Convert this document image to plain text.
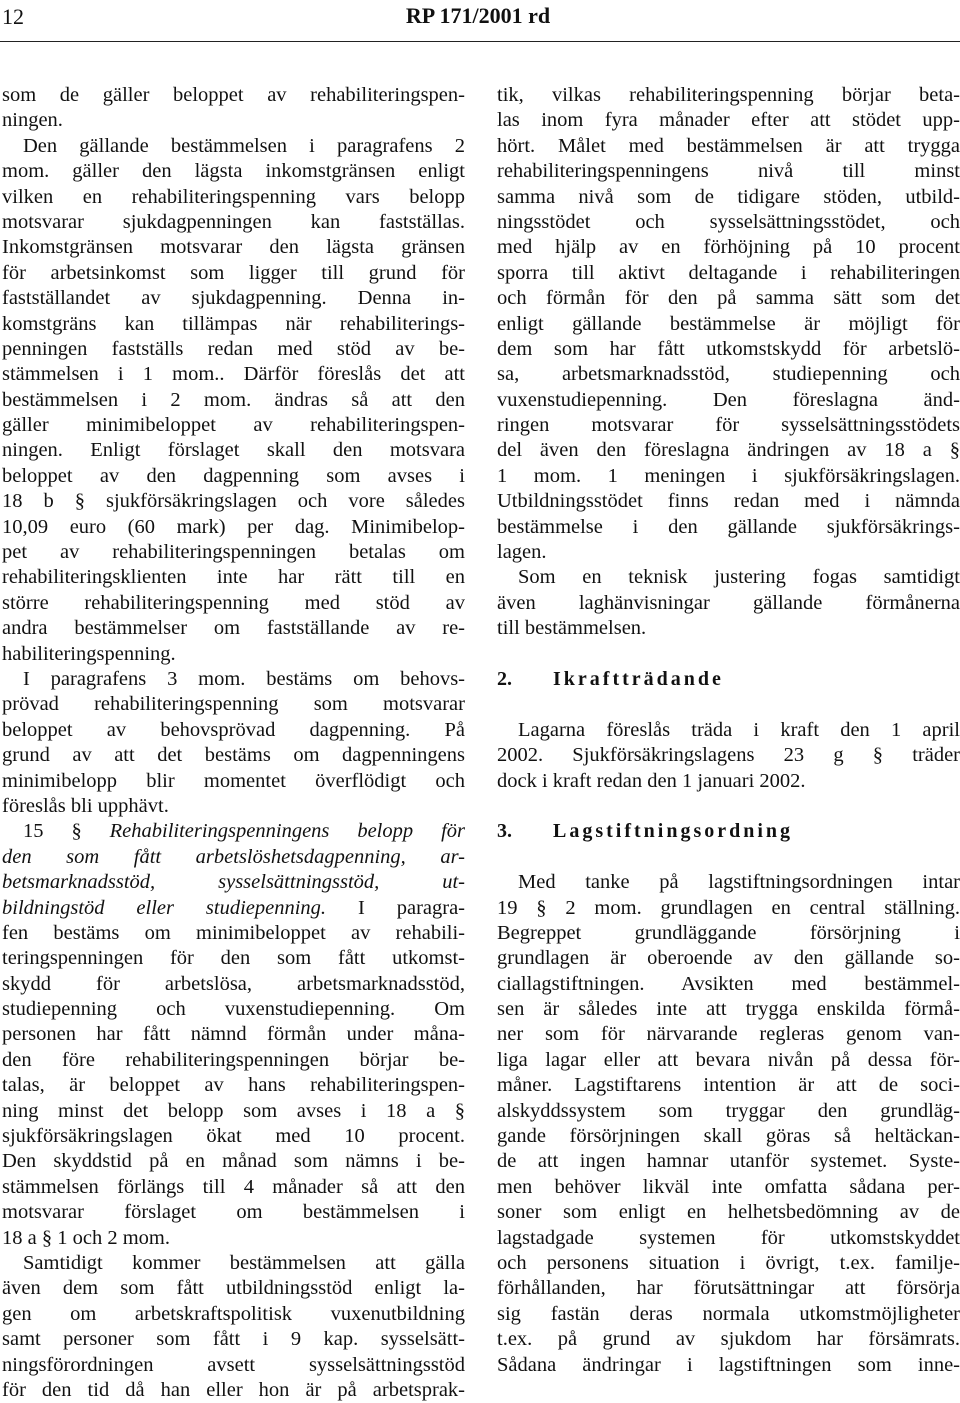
12	RP 171/2001 rd
som de gäller beloppet av rehabiliteringspen-
ningen.
Den gällande bestämmelsen i paragrafens 2
mom. gäller den lägsta inkomstgränsen enligt
vilken en rehabiliteringspenning vars belopp
motsvarar sjukdagpenningen kan fastställas.
Inkomstgränsen motsvarar den lägsta gränsen
för arbetsinkomst som ligger till grund för
fastställandet av sjukdagpenning. Denna in-
komstgräns kan tillämpas när rehabiliterings-
penningen fastställs redan med stöd av be-
stämmelsen i 1 mom.. Därför föreslås det att
bestämmelsen i 2 mom. ändras så att den
gäller minimibeloppet av rehabiliteringspen-
ningen. Enligt förslaget skall den motsvara
beloppet av den dagpenning som avses i
18 b § sjukförsäkringslagen och vore således
10,09 euro (60 mark) per dag. Minimibelop-
pet av rehabiliteringspenningen betalas om
rehabiliteringsklienten inte har rätt till en
större rehabiliteringspenning med stöd av
andra bestämmelser om fastställande av re-
habiliteringspenning.
I paragrafens 3 mom. bestäms om behovs-
prövad rehabiliteringspenning som motsvarar
beloppet av behovsprövad dagpenning. På
grund av att det bestäms om dagpenningens
minimibelopp blir momentet överflödigt och
föreslås bli upphävt.
15 § Rehabiliteringspenningens belopp för
den som fått arbetslöshetsdagpenning, ar-
betsmarknadsstöd, sysselsättningsstöd, ut-
bildningstöd eller studiepenning. I paragra-
fen bestäms om minimibeloppet av rehabili-
teringspenningen för den som fått utkomst-
skydd för arbetslösa, arbetsmarknadsstöd,
studiepenning och vuxenstudiepenning. Om
personen har fått nämnd förmån under måna-
den före rehabiliteringspenningen börjar be-
talas, är beloppet av hans rehabiliteringspen-
ning minst det belopp som avses i 18 a §
sjukförsäkringslagen ökat med 10 procent.
Den skyddstid på en månad som nämns i be-
stämmelsen förlängs till 4 månader så att den
motsvarar förslaget om bestämmelsen i
18 a § 1 och 2 mom.
Samtidigt kommer bestämmelsen att gälla
även dem som fått utbildningsstöd enligt la-
gen om arbetskraftspolitisk vuxenutbildning
samt personer som fått i 9 kap. sysselsätt-
ningsförordningen avsett sysselsättningsstöd
för den tid då han eller hon är på arbetsprak-
tik, vilkas rehabiliteringspenning börjar beta-
las inom fyra månader efter att stödet upp-
hört. Målet med bestämmelsen är att trygga
rehabiliteringspenningens nivå till minst
samma nivå som de tidigare stöden, utbild-
ningsstödet och sysselsättningsstödet, och
med hjälp av en förhöjning på 10 procent
sporra till aktivt deltagande i rehabiliteringen
och förmån för den på samma sätt som det
enligt gällande bestämmelse är möjligt för
dem som har fått utkomstskydd för arbetslö-
sa, arbetsmarknadsstöd, studiepenning och
vuxenstudiepenning. Den föreslagna änd-
ringen motsvarar för sysselsättningsstödets
del även den föreslagna ändringen av 18 a §
1 mom. 1 meningen i sjukförsäkringslagen.
Utbildningsstödet finns redan med i nämnda
bestämmelse i den gällande sjukförsäkrings-
lagen.
Som en teknisk justering fogas samtidigt
även laghänvisningar gällande förmånerna
till bestämmelsen.
2. Ikraftträdande
Lagarna föreslås träda i kraft den 1 april
2002. Sjukförsäkringslagens 23 g § träder
dock i kraft redan den 1 januari 2002.
3. Lagstiftningsordning
Med tanke på lagstiftningsordningen intar
19 § 2 mom. grundlagen en central ställning.
Begreppet grundläggande försörjning i
grundlagen är oberoende av den gällande so-
ciallagstiftningen. Avsikten med bestämmel-
sen är således inte att trygga enskilda förmå-
ner som för närvarande regleras genom van-
liga lagar eller att bevara nivån på dessa för-
måner. Lagstiftarens intention är att de soci-
alskyddssystem som tryggar den grundläg-
gande försörjningen skall göras så heltäckan-
de att ingen hamnar utanför systemet. Syste-
men behöver likväl inte omfatta sådana per-
soner som enligt en helhetsbedömning av de
lagstadgade systemen för utkomstskyddet
och personens situation i övrigt, t.ex. familje-
förhållanden, har förutsättningar att försörja
sig fastän deras normala utkomstmöjligheter
t.ex. på grund av sjukdom har försämrats.
Sådana ändringar i lagstiftningen som inne-
